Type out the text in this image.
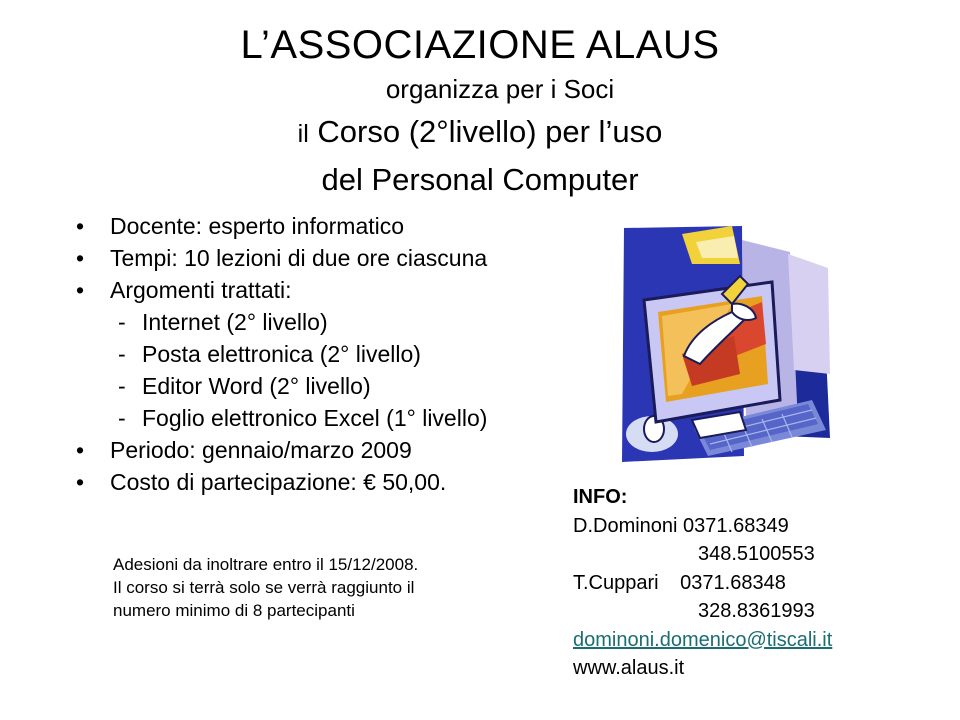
L’ASSOCIAZIONE ALAUS
organizza per i Soci
il Corso (2°livello) per l’uso
del Personal Computer
•	Docente: esperto informatico
•	Tempi: 10 lezioni di due ore ciascuna
•	Argomenti trattati:
- Internet (2° livello)
- Posta elettronica (2° livello)
- Editor Word (2° livello)
- Foglio elettronico Excel (1° livello)
•	Periodo: gennaio/marzo 2009
•	Costo di partecipazione: € 50,00.
Adesioni da inoltrare entro il 15/12/2008.
Il corso si terrà solo se verrà raggiunto il
numero minimo di 8 partecipanti
INFO:
D.Dominoni 0371.68349
348.5100553
T.Cuppari 0371.68348
328.8361993
dominoni.domenico@tiscali.it
www.alaus.it
